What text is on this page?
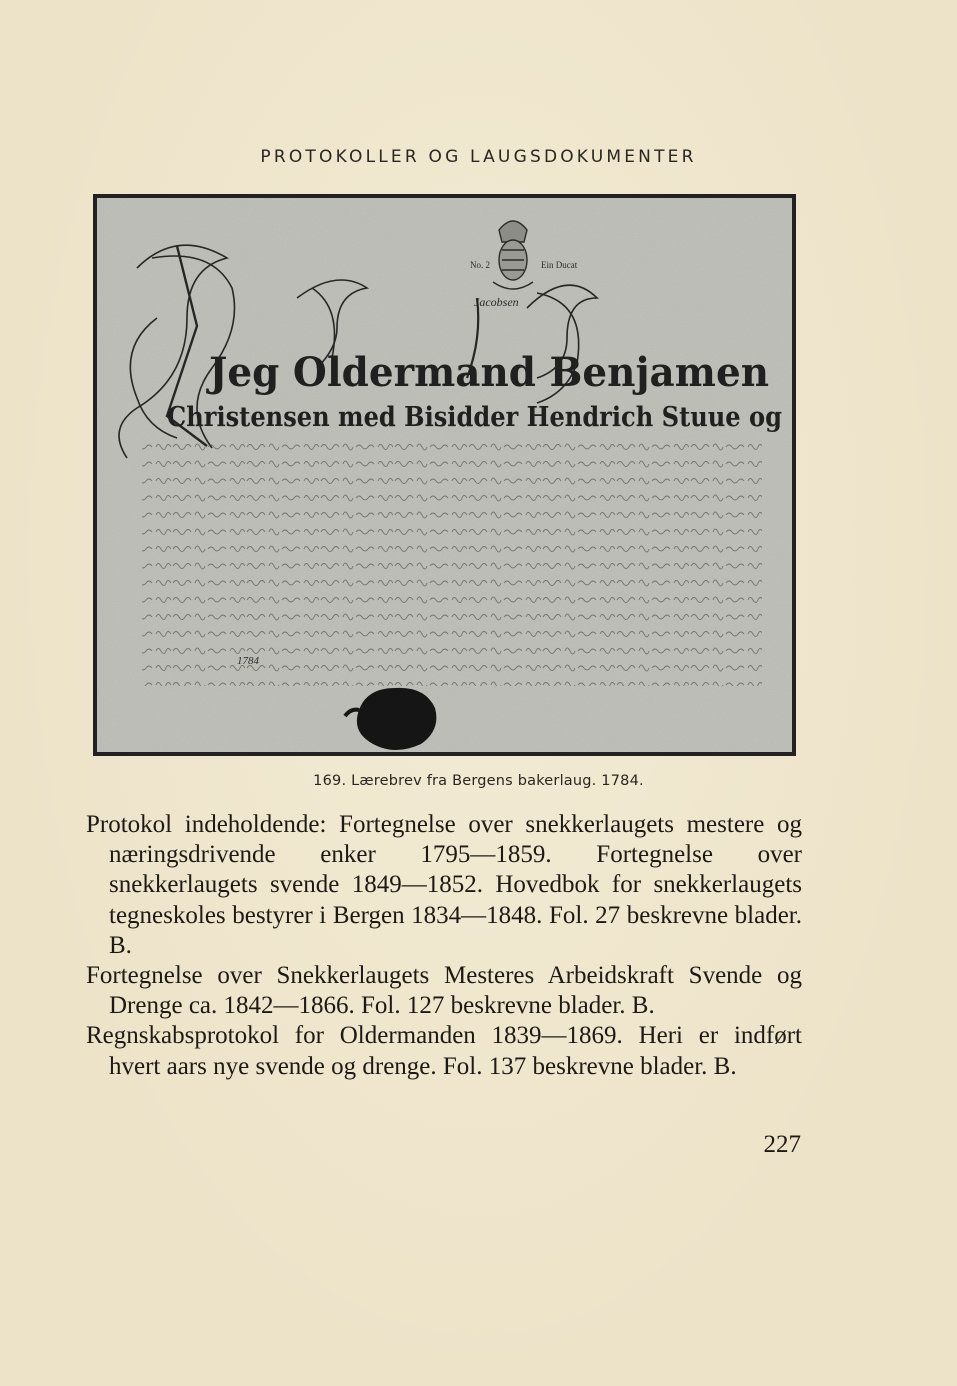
PROTOKOLLER OG LAUGSDOKUMENTER
No. 2	Ein Ducat
Jacobsen
Jeg Oldermand Benjamen
Christensen med Bisidder Hendrich Stuue og
1784
169. Lærebrev fra Bergens bakerlaug. 1784.

Protokol indeholdende: Fortegnelse over snekkerlaugets mestere og næringsdrivende enker 1795—1859. Fortegnelse over snekkerlaugets svende 1849—1852. Hovedbok for snekkerlaugets tegneskoles bestyrer i Bergen 1834—1848. Fol. 27 beskrevne blader. B.

Fortegnelse over Snekkerlaugets Mesteres Arbeidskraft Svende og Drenge ca. 1842—1866. Fol. 127 beskrevne blader. B.

Regnskabsprotokol for Oldermanden 1839—1869. Heri er indført hvert aars nye svende og drenge. Fol. 137 beskrevne blader. B.

227
